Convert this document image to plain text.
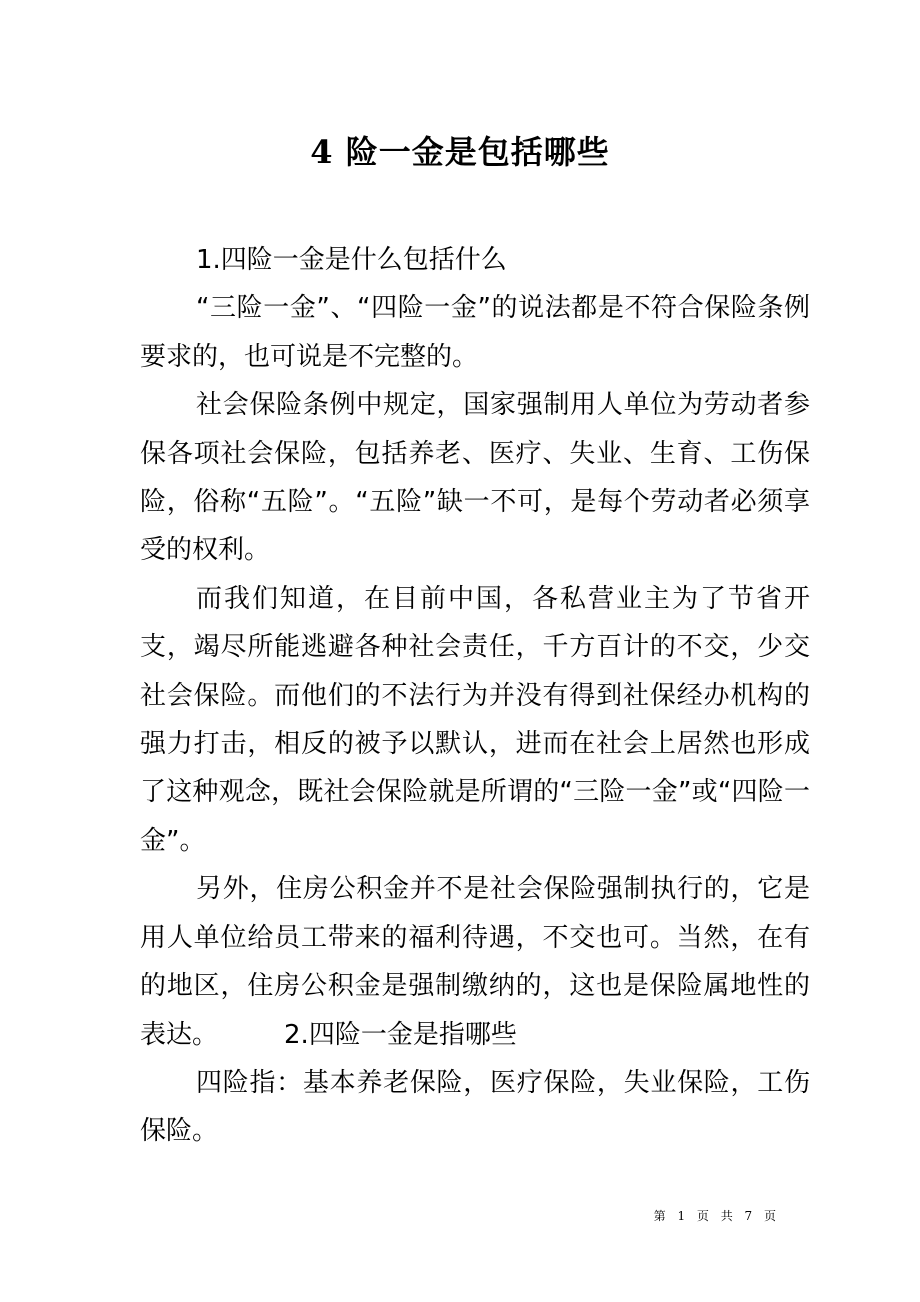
4 险一金是包括哪些

1.四险一金是什么包括什么

“三险一金”、“四险一金”的说法都是不符合保险条例要求的，也可说是不完整的。

社会保险条例中规定，国家强制用人单位为劳动者参保各项社会保险，包括养老、医疗、失业、生育、工伤保险，俗称“五险”。“五险”缺一不可，是每个劳动者必须享受的权利。

而我们知道，在目前中国，各私营业主为了节省开支，竭尽所能逃避各种社会责任，千方百计的不交，少交社会保险。而他们的不法行为并没有得到社保经办机构的强力打击，相反的被予以默认，进而在社会上居然也形成了这种观念，既社会保险就是所谓的“三险一金”或“四险一金”。

另外，住房公积金并不是社会保险强制执行的，它是用人单位给员工带来的福利待遇，不交也可。当然，在有的地区，住房公积金是强制缴纳的，这也是保险属地性的表达。	2.四险一金是指哪些

四险指：基本养老保险，医疗保险，失业保险，工伤保险。

第 1 页 共 7 页
